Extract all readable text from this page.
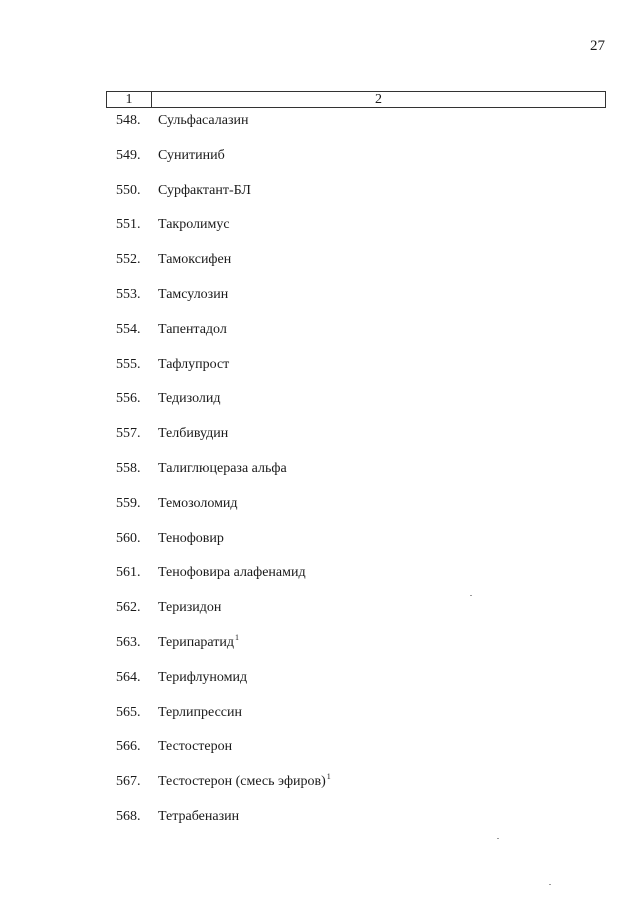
27
1	2
548.	Сульфасалазин
549.	Сунитиниб
550.	Сурфактант-БЛ
551.	Такролимус
552.	Тамоксифен
553.	Тамсулозин
554.	Тапентадол
555.	Тафлупрост
556.	Тедизолид
557.	Телбивудин
558.	Талиглюцераза альфа
559.	Темозоломид
560.	Тенофовир
561.	Тенофовира алафенамид
562.	Теризидон
563.	Терипаратид$^1$
564.	Терифлуномид
565.	Терлипрессин
566.	Тестостерон
567.	Тестостерон (смесь эфиров)$^1$
568.	Тетрабеназин
